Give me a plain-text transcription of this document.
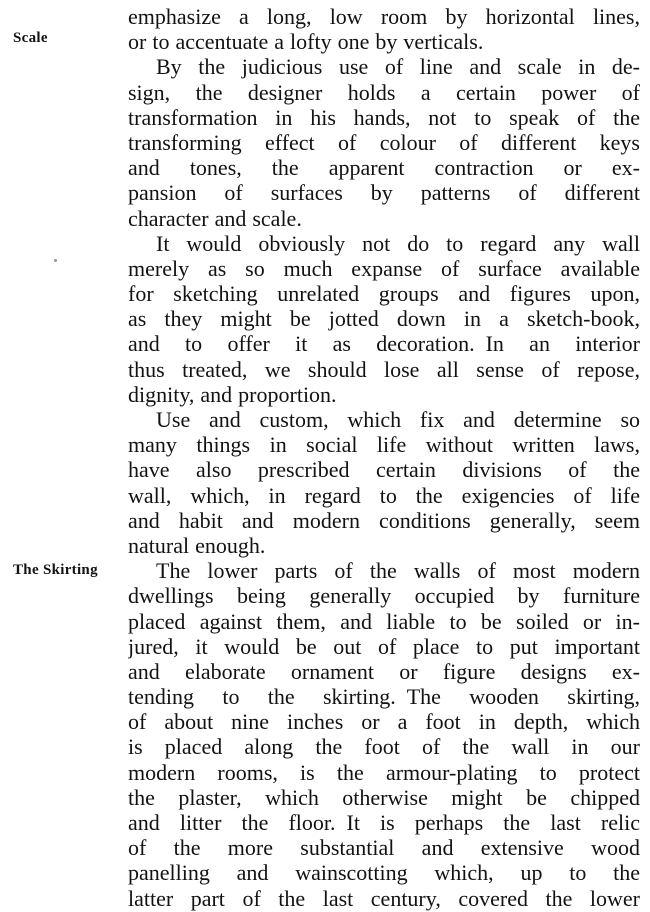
Scale
The Skirting
emphasize a long, low room by horizontal lines,
or to accentuate a lofty one by verticals.
By the judicious use of line and scale in de-
sign, the designer holds a certain power of
transformation in his hands, not to speak of the
transforming effect of colour of different keys
and tones, the apparent contraction or ex-
pansion of surfaces by patterns of different
character and scale.
It would obviously not do to regard any wall
merely as so much expanse of surface available
for sketching unrelated groups and figures upon,
as they might be jotted down in a sketch-book,
and to offer it as decoration. In an interior
thus treated, we should lose all sense of repose,
dignity, and proportion.
Use and custom, which fix and determine so
many things in social life without written laws,
have also prescribed certain divisions of the
wall, which, in regard to the exigencies of life
and habit and modern conditions generally, seem
natural enough.
The lower parts of the walls of most modern
dwellings being generally occupied by furniture
placed against them, and liable to be soiled or in-
jured, it would be out of place to put important
and elaborate ornament or figure designs ex-
tending to the skirting. The wooden skirting,
of about nine inches or a foot in depth, which
is placed along the foot of the wall in our
modern rooms, is the armour-plating to protect
the plaster, which otherwise might be chipped
and litter the floor. It is perhaps the last relic
of the more substantial and extensive wood
panelling and wainscotting which, up to the
latter part of the last century, covered the lower
